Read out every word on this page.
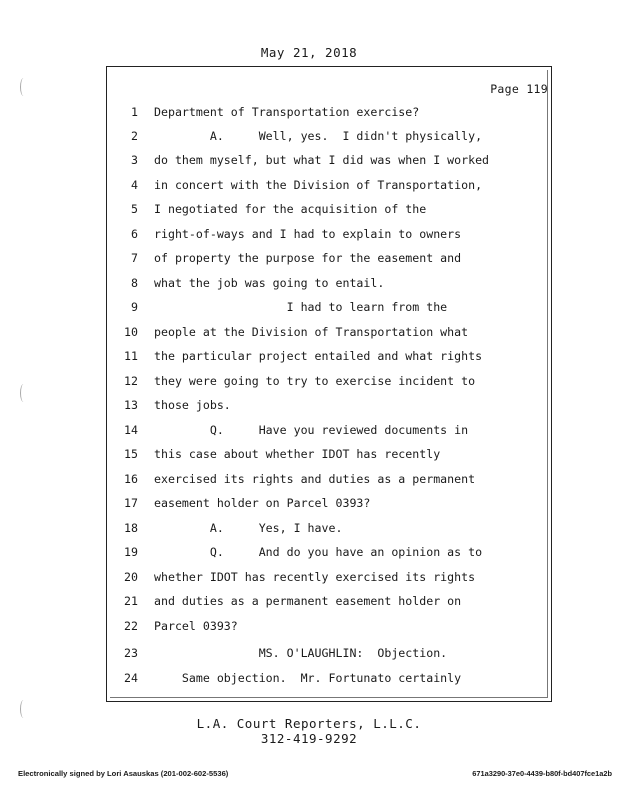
May 21, 2018
Page 119
1 Department of Transportation exercise?
2 A.     Well, yes.  I didn't physically,
3 do them myself, but what I did was when I worked
4 in concert with the Division of Transportation,
5 I negotiated for the acquisition of the
6 right-of-ways and I had to explain to owners
7 of property the purpose for the easement and
8 what the job was going to entail.
9 I had to learn from the
10 people at the Division of Transportation what
11 the particular project entailed and what rights
12 they were going to try to exercise incident to
13 those jobs.
14 Q.     Have you reviewed documents in
15 this case about whether IDOT has recently
16 exercised its rights and duties as a permanent
17 easement holder on Parcel 0393?
18 A.     Yes, I have.
19 Q.     And do you have an opinion as to
20 whether IDOT has recently exercised its rights
21 and duties as a permanent easement holder on
22 Parcel 0393?
23 MS. O'LAUGHLIN:  Objection.
24 Same objection.  Mr. Fortunato certainly
L.A. Court Reporters, L.L.C.
312-419-9292
Electronically signed by Lori Asauskas (201-002-602-5536)	671a3290-37e0-4439-b80f-bd407fce1a2b
